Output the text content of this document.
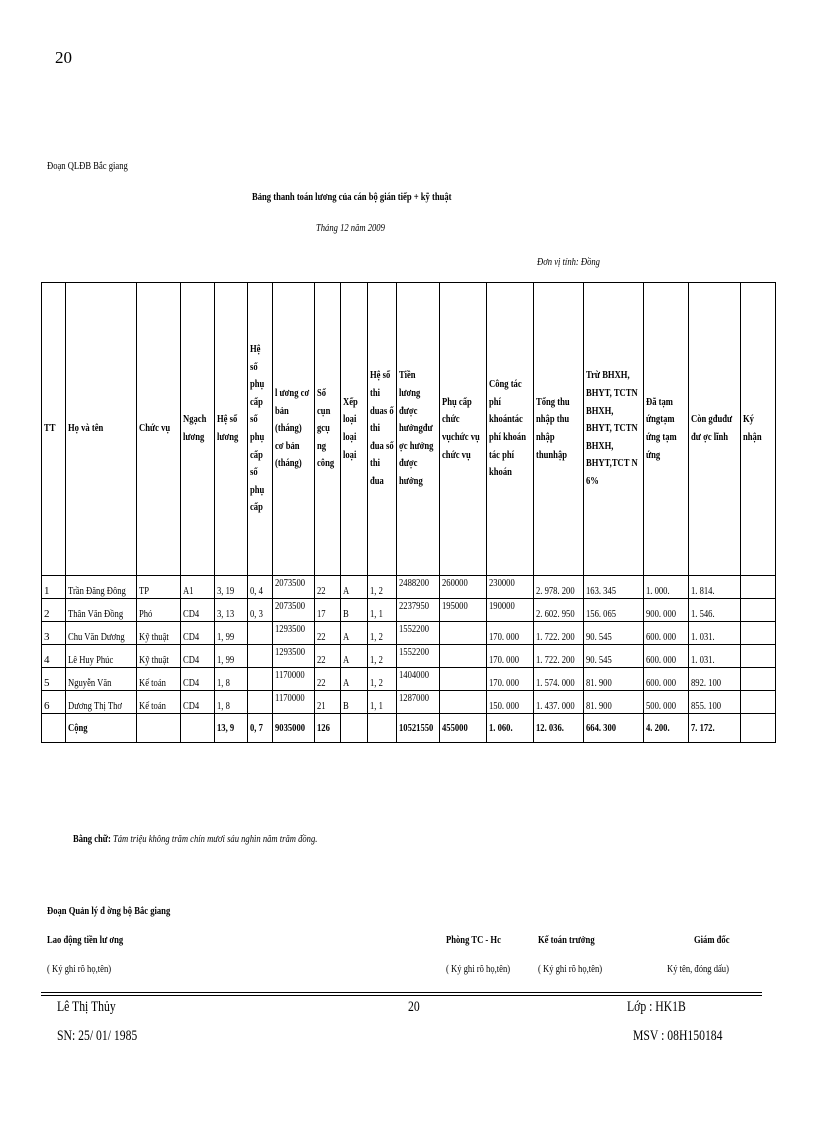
20
Đoạn QLĐB Bắc giang
Bảng thanh toán lương của cán bộ gián tiếp + kỹ thuật
Tháng 12 năm 2009
Đơn vị tính: Đồng
TT	Họ và tên	Chức vụ	Ngạch lương	Hệ số lương	Hệ số phụ cấp số phụ cấp số phụ cấp	l ương cơ bản (tháng) cơ bản (tháng)	Số cụn gcụ ng công	Xếp loại loại loại	Hệ số thi duas ố thi đua số thi đua	Tiền lương được hưởngđư ợc hưởng được hưởng	Phụ cấp chức vụchức vụ chức vụ	Công tác phí khoántác phí khoán tác phí khoán	Tổng thu nhập thu nhập thunhập	Trừ BHXH, BHYT, TCTN BHXH, BHYT, TCTN BHXH, BHYT,TCT N 6%	Đã tạm ứngtạm ứng tạm ứng	Còn gđuđư đư ợc lĩnh	Ký nhận
1	Trần Đăng Đông	TP	A1	3, 19	0, 4	2073500	22	A	1, 2	2488200	260000	230000	2. 978. 200	163. 345	1. 000.	1. 814.	
2	Thân Văn Đồng	Phó	CD4	3, 13	0, 3	2073500	17	B	1, 1	2237950	195000	190000	2. 602. 950	156. 065	900. 000	1. 546.	
3	Chu Văn Dương	Kỹ thuật	CD4	1, 99		1293500	22	A	1, 2	1552200		170. 000	1. 722. 200	90. 545	600. 000	1. 031.	
4	Lê Huy Phúc	Kỹ thuật	CD4	1, 99		1293500	22	A	1, 2	1552200		170. 000	1. 722. 200	90. 545	600. 000	1. 031.	
5	Nguyễn Văn	Kế toán	CD4	1, 8		1170000	22	A	1, 2	1404000		170. 000	1. 574. 000	81. 900	600. 000	892. 100	
6	Dương Thị Thơ	Kế toán	CD4	1, 8		1170000	21	B	1, 1	1287000		150. 000	1. 437. 000	81. 900	500. 000	855. 100	
	Cộng			13, 9	0, 7	9035000	126			10521550	455000	1. 060.	12. 036.	664. 300	4. 200.	7. 172.	
Bằng chữ: Tám triệu không trăm chín mươi sáu nghìn năm trăm đồng.
Đoạn Quản lý đ ờng bộ Bắc giang
Lao động tiền lư ơng
( Ký ghi rõ họ,tên)
Phòng TC - Hc
( Ký ghi rõ họ,tên)
Kế toán trưởng
( Ký ghi rõ họ,tên)
Giám đốc
Ký tên, đóng dấu)
Lê Thị Thủy
SN: 25/ 01/ 1985
20	Lớp : HK1B
MSV : 08H150184
